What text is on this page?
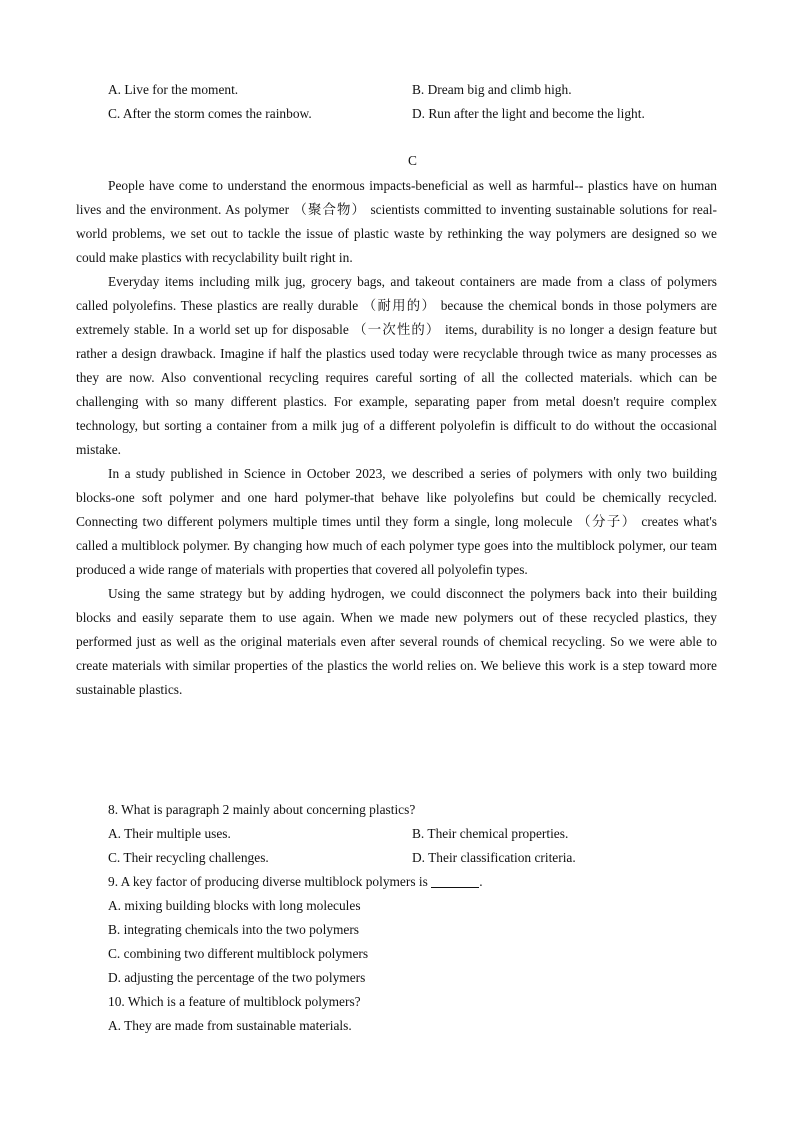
A. Live for the moment.	B. Dream big and climb high.
C. After the storm comes the rainbow.	D. Run after the light and become the light.
C

People have come to understand the enormous impacts-beneficial as well as harmful-- plastics have on human lives and the environment. As polymer （聚合物） scientists committed to inventing sustainable solutions for real-world problems, we set out to tackle the issue of plastic waste by rethinking the way polymers are designed so we could make plastics with recyclability built right in.

Everyday items including milk jug, grocery bags, and takeout containers are made from a class of polymers called polyolefins. These plastics are really durable （耐用的） because the chemical bonds in those polymers are extremely stable. In a world set up for disposable （一次性的） items, durability is no longer a design feature but rather a design drawback. Imagine if half the plastics used today were recyclable through twice as many processes as they are now. Also conventional recycling requires careful sorting of all the collected materials. which can be challenging with so many different plastics. For example, separating paper from metal doesn't require complex technology, but sorting a container from a milk jug of a different polyolefin is difficult to do without the occasional mistake.

In a study published in Science in October 2023, we described a series of polymers with only two building blocks-one soft polymer and one hard polymer-that behave like polyolefins but could be chemically recycled. Connecting two different polymers multiple times until they form a single, long molecule （分子） creates what's called a multiblock polymer. By changing how much of each polymer type goes into the multiblock polymer, our team produced a wide range of materials with properties that covered all polyolefin types.

Using the same strategy but by adding hydrogen, we could disconnect the polymers back into their building blocks and easily separate them to use again. When we made new polymers out of these recycled plastics, they performed just as well as the original materials even after several rounds of chemical recycling. So we were able to create materials with similar properties of the plastics the world relies on. We believe this work is a step toward more sustainable plastics.

8. What is paragraph 2 mainly about concerning plastics?
A. Their multiple uses.	B. Their chemical properties.
C. Their recycling challenges.	D. Their classification criteria.
9. A key factor of producing diverse multiblock polymers is	.
A. mixing building blocks with long molecules
B. integrating chemicals into the two polymers
C. combining two different multiblock polymers
D. adjusting the percentage of the two polymers
10. Which is a feature of multiblock polymers?
A. They are made from sustainable materials.
